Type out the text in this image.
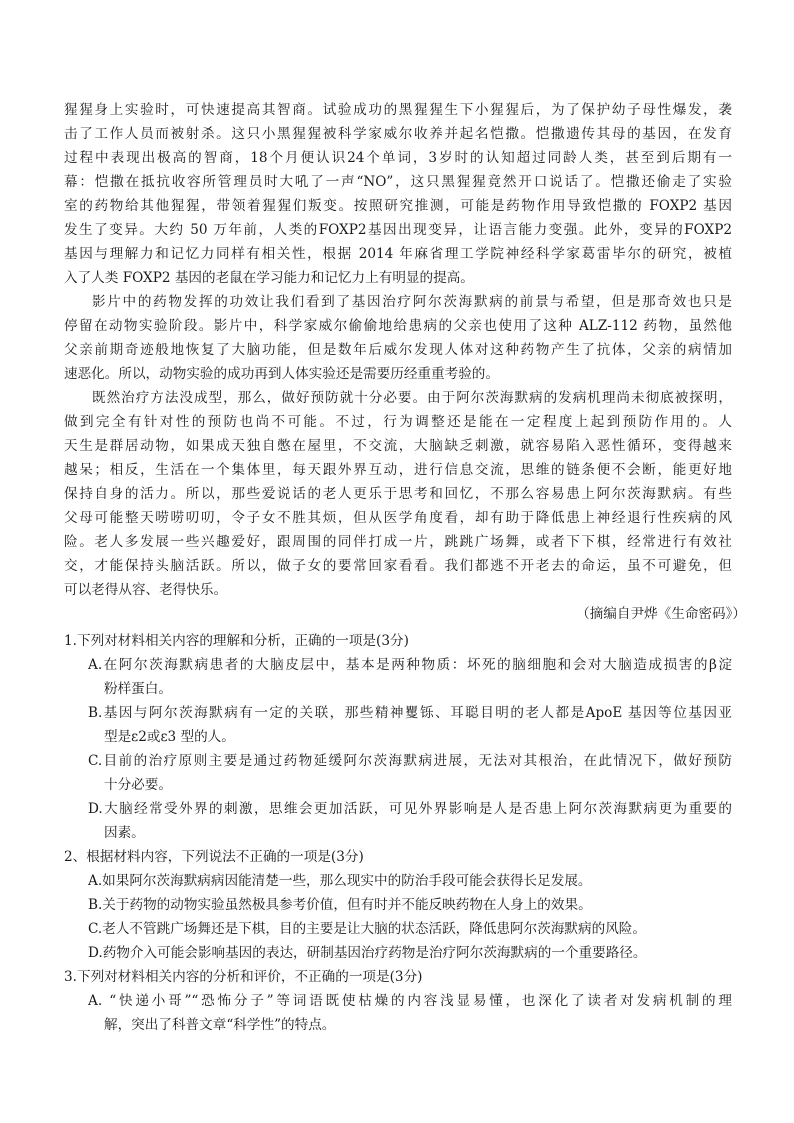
猩猩身上实验时，可快速提高其智商。试验成功的黑猩猩生下小猩猩后，为了保护幼子母性爆发，袭
击了工作人员而被射杀。这只小黑猩猩被科学家威尔收养并起名恺撒。恺撒遗传其母的基因，在发育
过程中表现出极高的智商，18个月便认识24个单词，3岁时的认知超过同龄人类，甚至到后期有一
幕：恺撒在抵抗收容所管理员时大吼了一声“NO”，这只黑猩猩竟然开口说话了。恺撒还偷走了实验
室的药物给其他猩猩，带领着猩猩们叛变。按照研究推测，可能是药物作用导致恺撒的 FOXP2 基因
发生了变异。大约 50 万年前，人类的FOXP2基因出现变异，让语言能力变强。此外，变异的FOXP2
基因与理解力和记忆力同样有相关性，根据 2014 年麻省理工学院神经科学家葛雷毕尔的研究，被植
入了人类 FOXP2 基因的老鼠在学习能力和记忆力上有明显的提高。
影片中的药物发挥的功效让我们看到了基因治疗阿尔茨海默病的前景与希望，但是那奇效也只是
停留在动物实验阶段。影片中，科学家威尔偷偷地给患病的父亲也使用了这种 ALZ-112 药物，虽然他
父亲前期奇迹般地恢复了大脑功能，但是数年后威尔发现人体对这种药物产生了抗体，父亲的病情加
速恶化。所以，动物实验的成功再到人体实验还是需要历经重重考验的。
既然治疗方法没成型，那么，做好预防就十分必要。由于阿尔茨海默病的发病机理尚未彻底被探明，
做到完全有针对性的预防也尚不可能。不过，行为调整还是能在一定程度上起到预防作用的。人
天生是群居动物，如果成天独自憋在屋里，不交流，大脑缺乏刺激，就容易陷入恶性循环，变得越来
越呆；相反，生活在一个集体里，每天跟外界互动，进行信息交流，思维的链条便不会断，能更好地
保持自身的活力。所以，那些爱说话的老人更乐于思考和回忆，不那么容易患上阿尔茨海默病。有些
父母可能整天唠唠叨叨，令子女不胜其烦，但从医学角度看，却有助于降低患上神经退行性疾病的风
险。老人多发展一些兴趣爱好，跟周围的同伴打成一片，跳跳广场舞，或者下下棋，经常进行有效社
交，才能保持头脑活跃。所以，做子女的要常回家看看。我们都逃不开老去的命运，虽不可避免，但
可以老得从容、老得快乐。
（摘编自尹烨《生命密码》）
1.下列对材料相关内容的理解和分析，正确的一项是(3分)
A.在阿尔茨海默病患者的大脑皮层中，基本是两种物质：坏死的脑细胞和会对大脑造成损害的β淀
粉样蛋白。
B.基因与阿尔茨海默病有一定的关联，那些精神矍铄、耳聪目明的老人都是ApoE 基因等位基因亚
型是ε2或ε3 型的人。
C.目前的治疗原则主要是通过药物延缓阿尔茨海默病进展，无法对其根治，在此情况下，做好预防
十分必要。
D.大脑经常受外界的刺激，思维会更加活跃，可见外界影响是人是否患上阿尔茨海默病更为重要的
因素。
2、根据材料内容，下列说法不正确的一项是(3分)
A.如果阿尔茨海默病病因能清楚一些，那么现实中的防治手段可能会获得长足发展。
B.关于药物的动物实验虽然极具参考价值，但有时并不能反映药物在人身上的效果。
C.老人不管跳广场舞还是下棋，目的主要是让大脑的状态活跃，降低患阿尔茨海默病的风险。
D.药物介入可能会影响基因的表达，研制基因治疗药物是治疗阿尔茨海默病的一个重要路径。
3.下列对材料相关内容的分析和评价，不正确的一项是(3分)
A. “快递小哥”“恐怖分子”等词语既使枯燥的内容浅显易懂，也深化了读者对发病机制的理
解，突出了科普文章“科学性”的特点。
